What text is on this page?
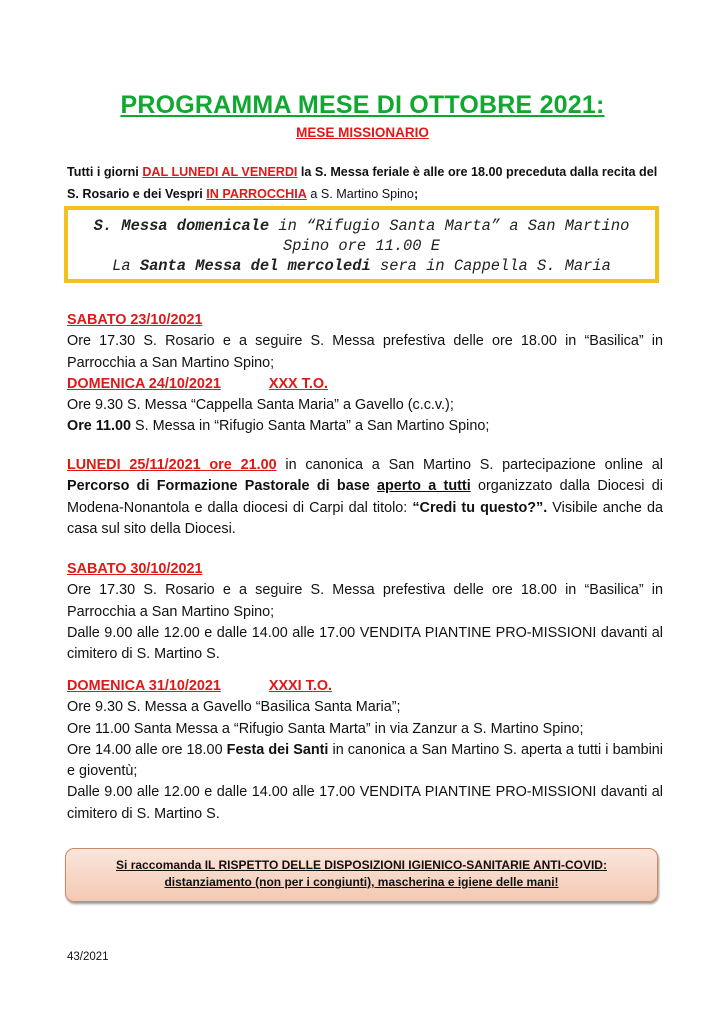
PROGRAMMA MESE DI OTTOBRE 2021:
MESE MISSIONARIO
Tutti i giorni DAL LUNEDI AL VENERDI la S. Messa feriale è alle ore 18.00 preceduta dalla recita del S. Rosario e dei Vespri IN PARROCCHIA a S. Martino Spino;
S. Messa domenicale in “Rifugio Santa Marta” a San Martino Spino ore 11.00 E
La Santa Messa del mercoledi sera in Cappella S. Maria

SABATO 23/10/2021

Ore 17.30 S. Rosario e a seguire S. Messa prefestiva delle ore 18.00 in “Basilica” in Parrocchia a San Martino Spino;

DOMENICA 24/10/2021	XXX T.O.

Ore 9.30 S. Messa “Cappella Santa Maria” a Gavello (c.c.v.);

Ore 11.00 S. Messa in “Rifugio Santa Marta” a San Martino Spino;

LUNEDI 25/11/2021 ore 21.00 in canonica a San Martino S. partecipazione online al Percorso di Formazione Pastorale di base aperto a tutti organizzato dalla Diocesi di Modena-Nonantola e dalla diocesi di Carpi dal titolo: “Credi tu questo?”. Visibile anche da casa sul sito della Diocesi.

SABATO 30/10/2021

Ore 17.30 S. Rosario e a seguire S. Messa prefestiva delle ore 18.00 in “Basilica” in Parrocchia a San Martino Spino;

Dalle 9.00 alle 12.00 e dalle 14.00 alle 17.00 VENDITA PIANTINE PRO-MISSIONI davanti al cimitero di S. Martino S.

DOMENICA 31/10/2021	XXXI T.O.

Ore 9.30 S. Messa a Gavello “Basilica Santa Maria”;

Ore 11.00 Santa Messa a “Rifugio Santa Marta” in via Zanzur a S. Martino Spino;

Ore 14.00 alle ore 18.00 Festa dei Santi in canonica a San Martino S. aperta a tutti i bambini e gioventù;

Dalle 9.00 alle 12.00 e dalle 14.00 alle 17.00 VENDITA PIANTINE PRO-MISSIONI davanti al cimitero di S. Martino S.

Si raccomanda IL RISPETTO DELLE DISPOSIZIONI IGIENICO-SANITARIE ANTI-COVID: distanziamento (non per i congiunti), mascherina e igiene delle mani!
43/2021
